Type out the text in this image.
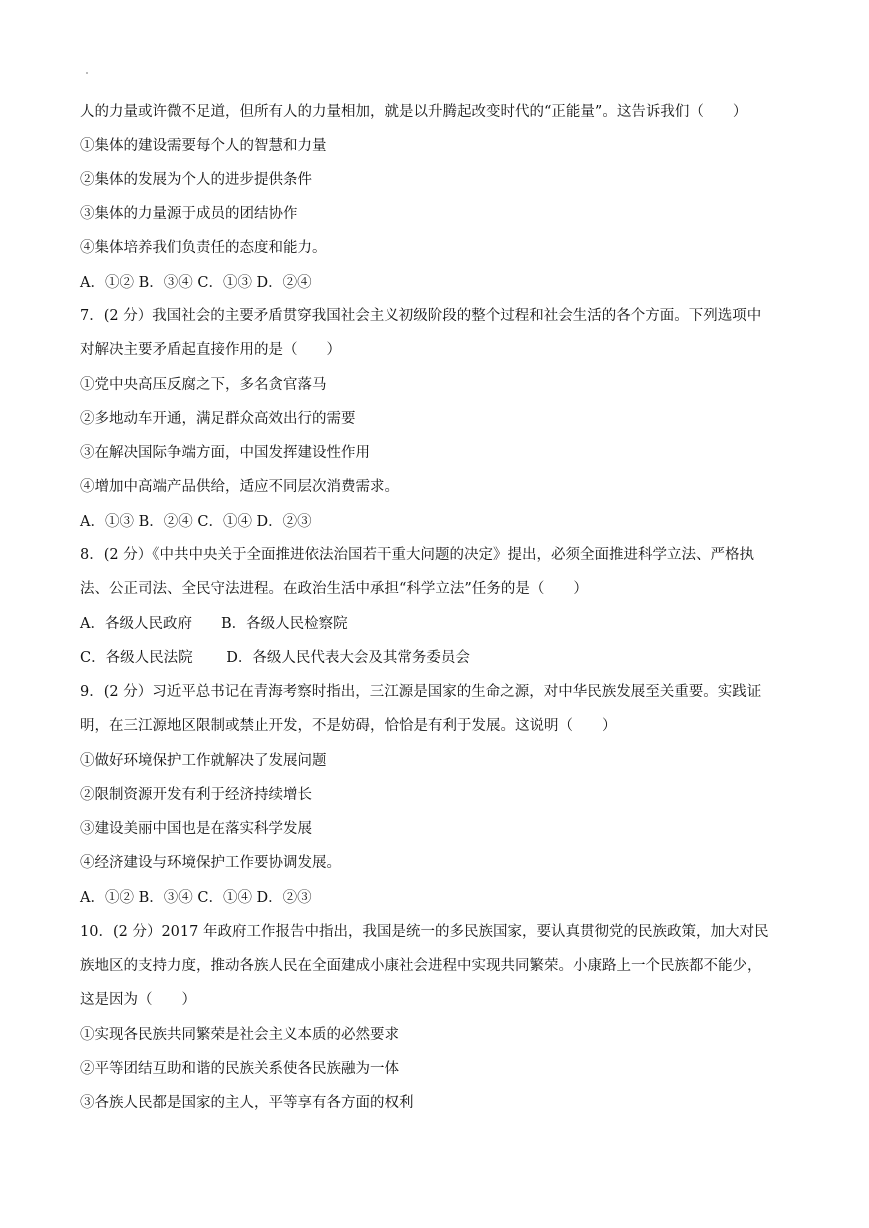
人的力量或许微不足道，但所有人的力量相加，就是以升腾起改变时代的“正能量”。这告诉我们（　　）
①集体的建设需要每个人的智慧和力量
②集体的发展为个人的进步提供条件
③集体的力量源于成员的团结协作
④集体培养我们负责任的态度和能力。
A．①② B．③④ C．①③ D．②④
7．(2 分）我国社会的主要矛盾贯穿我国社会主义初级阶段的整个过程和社会生活的各个方面。下列选项中
对解决主要矛盾起直接作用的是（　　）
①党中央高压反腐之下，多名贪官落马
②多地动车开通，满足群众高效出行的需要
③在解决国际争端方面，中国发挥建设性作用
④增加中高端产品供给，适应不同层次消费需求。
A．①③ B．②④ C．①④ D．②③
8．(2 分）《中共中央关于全面推进依法治国若干重大问题的决定》提出，必须全面推进科学立法、严格执
法、公正司法、全民守法进程。在政治生活中承担“科学立法”任务的是（　　）
A．各级人民政府　　B．各级人民检察院
C．各级人民法院　　 D．各级人民代表大会及其常务委员会
9．(2 分）习近平总书记在青海考察时指出，三江源是国家的生命之源，对中华民族发展至关重要。实践证
明，在三江源地区限制或禁止开发，不是妨碍，恰恰是有利于发展。这说明（　　）
①做好环境保护工作就解决了发展问题
②限制资源开发有利于经济持续增长
③建设美丽中国也是在落实科学发展
④经济建设与环境保护工作要协调发展。
A．①② B．③④ C．①④ D．②③
10．(2 分）2017 年政府工作报告中指出，我国是统一的多民族国家，要认真贯彻党的民族政策，加大对民
族地区的支持力度，推动各族人民在全面建成小康社会进程中实现共同繁荣。小康路上一个民族都不能少，
这是因为（　　）
①实现各民族共同繁荣是社会主义本质的必然要求
②平等团结互助和谐的民族关系使各民族融为一体
③各族人民都是国家的主人，平等享有各方面的权利
